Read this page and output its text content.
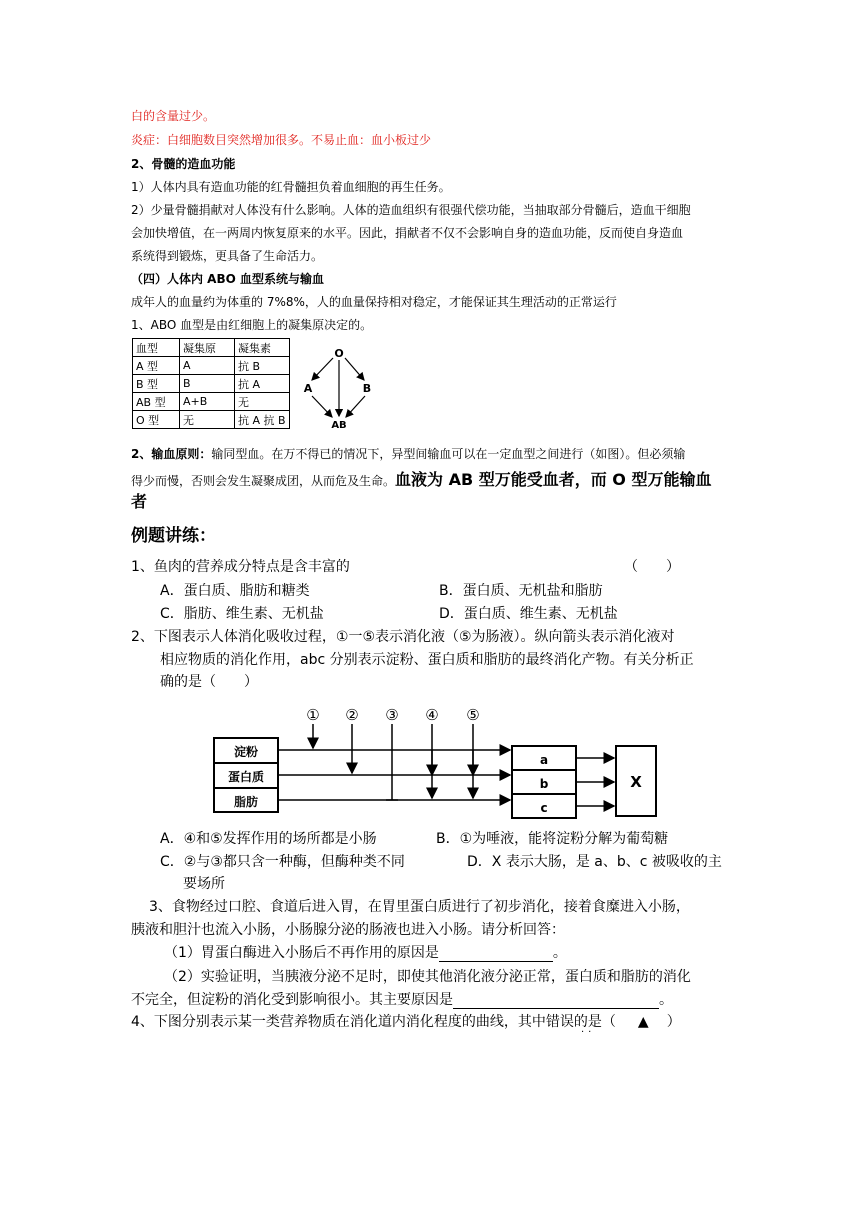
白的含量过少。
炎症：白细胞数目突然增加很多。不易止血：血小板过少
2、骨髓的造血功能
1）人体内具有造血功能的红骨髓担负着血细胞的再生任务。
2）少量骨髓捐献对人体没有什么影响。人体的造血组织有很强代偿功能，当抽取部分骨髓后，造血干细胞
会加快增值，在一两周内恢复原来的水平。因此，捐献者不仅不会影响自身的造血功能，反而使自身造血
系统得到锻炼，更具备了生命活力。
（四）人体内 ABO 血型系统与输血
成年人的血量约为体重的 7%8%，人的血量保持相对稳定，才能保证其生理活动的正常运行
1、ABO 血型是由红细胞上的凝集原决定的。
血型	凝集原	凝集素
A 型	A	抗 B
B 型	B	抗 A
AB 型	A+B	无
O 型	无	抗 A 抗 B
O
A	B
AB
2、输血原则：输同型血。在万不得已的情况下，异型间输血可以在一定血型之间进行（如图）。但必须输
得少而慢，否则会发生凝聚成团，从而危及生命。血液为 AB 型万能受血者，而 O 型万能输血
者
例题讲练：
1、鱼肉的营养成分特点是含丰富的	（　　）
A．蛋白质、脂肪和糖类	B．蛋白质、无机盐和脂肪
C．脂肪、维生素、无机盐	D．蛋白质、维生素、无机盐
2、下图表示人体消化吸收过程，①一⑤表示消化液（⑤为肠液）。纵向箭头表示消化液对
相应物质的消化作用，abc 分别表示淀粉、蛋白质和脂肪的最终消化产物。有关分析正
确的是（　　）
淀粉
蛋白质
脂肪
① ② ③ ④ ⑤
a
b
c
X
A．④和⑤发挥作用的场所都是小肠	B．①为唾液，能将淀粉分解为葡萄糖
C．②与③都只含一种酶，但酶种类不同	D．X 表示大肠，是 a、b、c 被吸收的主
要场所
3、食物经过口腔、食道后进入胃，在胃里蛋白质进行了初步消化，接着食糜进入小肠，
胰液和胆汁也流入小肠，小肠腺分泌的肠液也进入小肠。请分析回答：
（1）胃蛋白酶进入小肠后不再作用的原因是	。
（2）实验证明，当胰液分泌不足时，即使其他消化液分泌正常，蛋白质和脂肪的消化
不完全，但淀粉的消化受到影响很小。其主要原因是	。
4、下图分别表示某一类营养物质在消化道内消化程度的曲线，其中错误的是（ ▲ ）
··
